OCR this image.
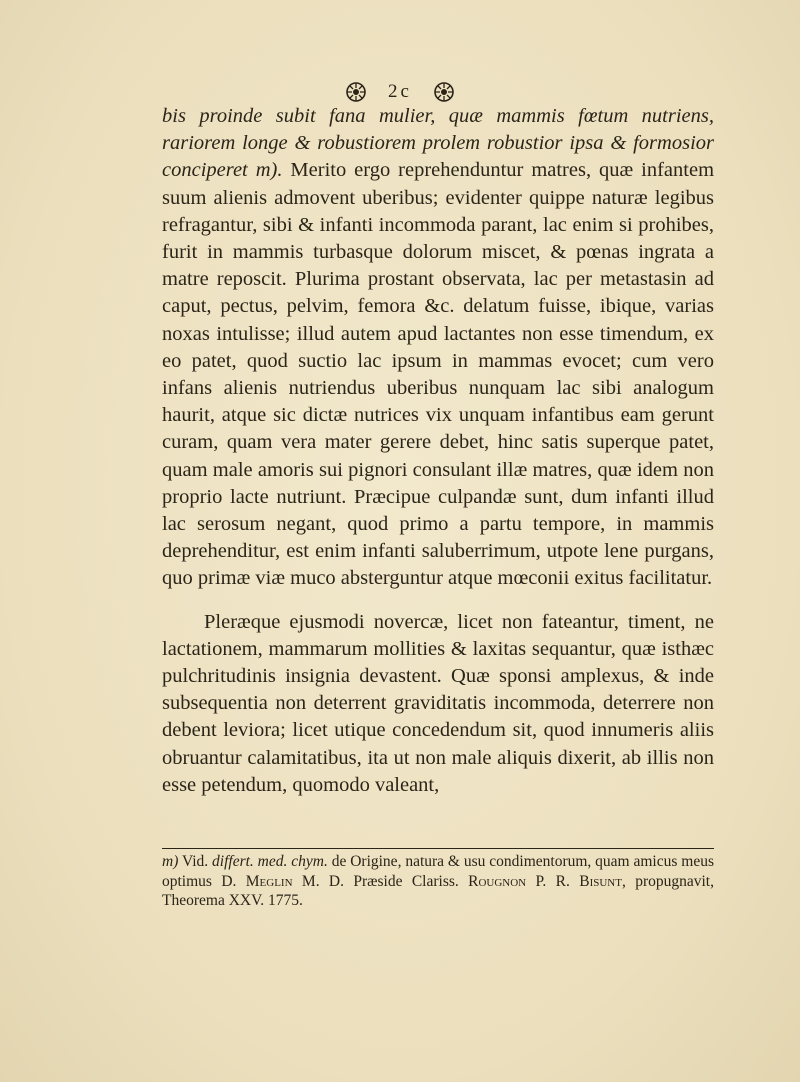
2c

bis proinde subit fana mulier, quæ mammis fœtum nutriens, rariorem longe & robustiorem prolem robustior ipsa & formosior conciperet m). Merito ergo reprehenduntur matres, quæ infantem suum alienis admovent uberibus; evidenter quippe naturæ legibus refragantur, sibi & infanti incommoda parant, lac enim si prohibes, furit in mammis turbasque dolorum miscet, & pœnas ingrata a matre reposcit. Plurima prostant observata, lac per metastasin ad caput, pectus, pelvim, femora &c. delatum fuisse, ibique, varias noxas intulisse; illud autem apud lactantes non esse timendum, ex eo patet, quod suctio lac ipsum in mammas evocet; cum vero infans alienis nutriendus uberibus nunquam lac sibi analogum haurit, atque sic dictæ nutrices vix unquam infantibus eam gerunt curam, quam vera mater gerere debet, hinc satis superque patet, quam male amoris sui pignori consulant illæ matres, quæ idem non proprio lacte nutriunt. Præcipue culpandæ sunt, dum infanti illud lac serosum negant, quod primo a partu tempore, in mammis deprehenditur, est enim infanti saluberrimum, utpote lene purgans, quo primæ viæ muco absterguntur atque mœconii exitus facilitatur.

Pleræque ejusmodi novercæ, licet non fateantur, timent, ne lactationem, mammarum mollities & laxitas sequantur, quæ isthæc pulchritudinis insignia devastent. Quæ sponsi amplexus, & inde subsequentia non deterrent graviditatis incommoda, deterrere non debent leviora; licet utique concedendum sit, quod innumeris aliis obruantur calamitatibus, ita ut non male aliquis dixerit, ab illis non esse petendum, quomodo valeant,

m) Vid. differt. med. chym. de Origine, natura & usu condimentorum, quam amicus meus optimus D. Meglin M. D. Præside Clariss. Rougnon P. R. Bisunt, propugnavit, Theorema XXV. 1775.
